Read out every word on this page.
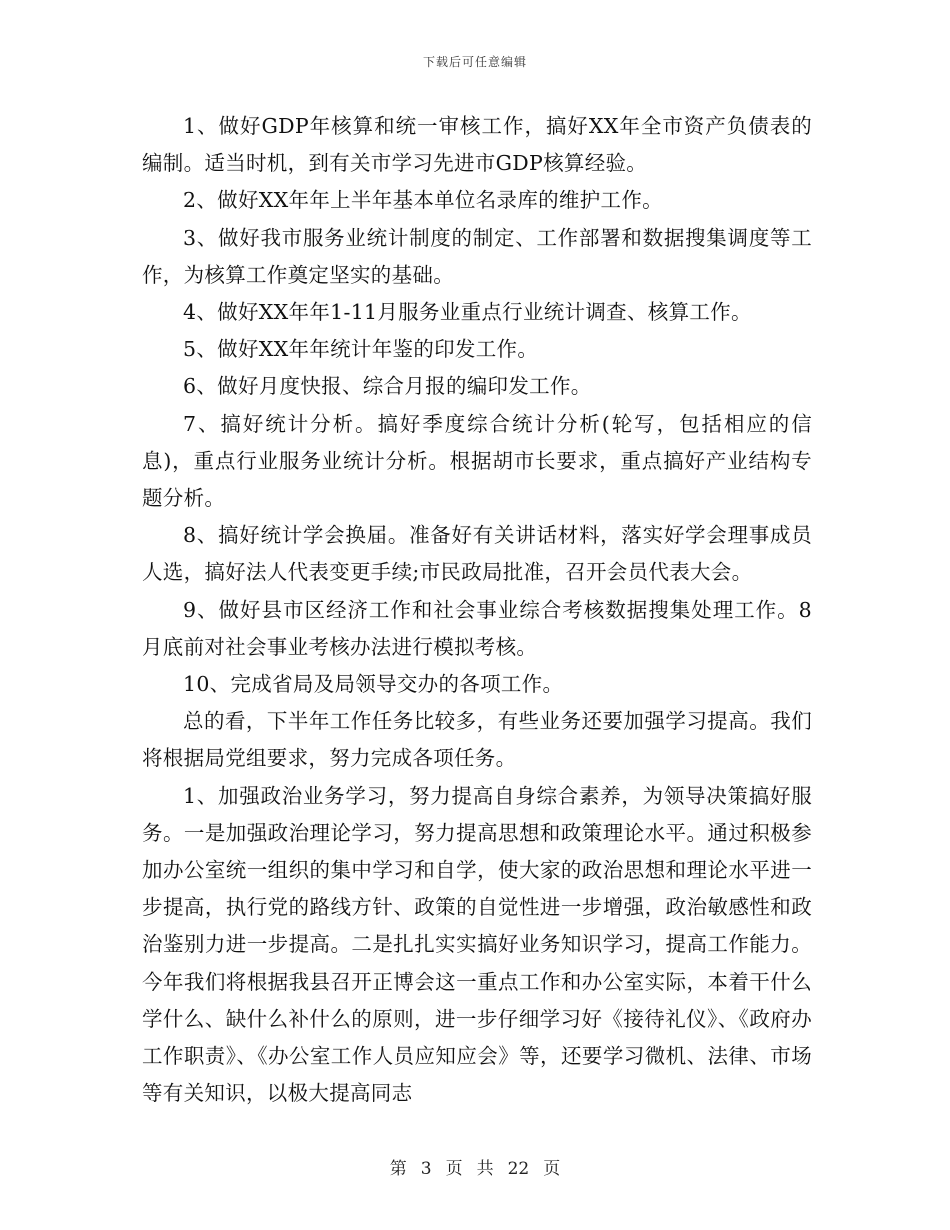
下载后可任意编辑

1、做好GDP年核算和统一审核工作，搞好XX年全市资产负债表的编制。适当时机，到有关市学习先进市GDP核算经验。

2、做好XX年年上半年基本单位名录库的维护工作。

3、做好我市服务业统计制度的制定、工作部署和数据搜集调度等工作，为核算工作奠定坚实的基础。

4、做好XX年年1-11月服务业重点行业统计调查、核算工作。

5、做好XX年年统计年鉴的印发工作。

6、做好月度快报、综合月报的编印发工作。

7、搞好统计分析。搞好季度综合统计分析(轮写，包括相应的信息)，重点行业服务业统计分析。根据胡市长要求，重点搞好产业结构专题分析。

8、搞好统计学会换届。准备好有关讲话材料，落实好学会理事成员人选，搞好法人代表变更手续;市民政局批准，召开会员代表大会。

9、做好县市区经济工作和社会事业综合考核数据搜集处理工作。8月底前对社会事业考核办法进行模拟考核。

10、完成省局及局领导交办的各项工作。

总的看，下半年工作任务比较多，有些业务还要加强学习提高。我们将根据局党组要求，努力完成各项任务。

1、加强政治业务学习，努力提高自身综合素养，为领导决策搞好服务。一是加强政治理论学习，努力提高思想和政策理论水平。通过积极参加办公室统一组织的集中学习和自学，使大家的政治思想和理论水平进一步提高，执行党的路线方针、政策的自觉性进一步增强，政治敏感性和政治鉴别力进一步提高。二是扎扎实实搞好业务知识学习，提高工作能力。今年我们将根据我县召开正博会这一重点工作和办公室实际，本着干什么学什么、缺什么补什么的原则，进一步仔细学习好《接待礼仪》、《政府办工作职责》、《办公室工作人员应知应会》等，还要学习微机、法律、市场等有关知识，以极大提高同志

第 3 页 共 22 页
